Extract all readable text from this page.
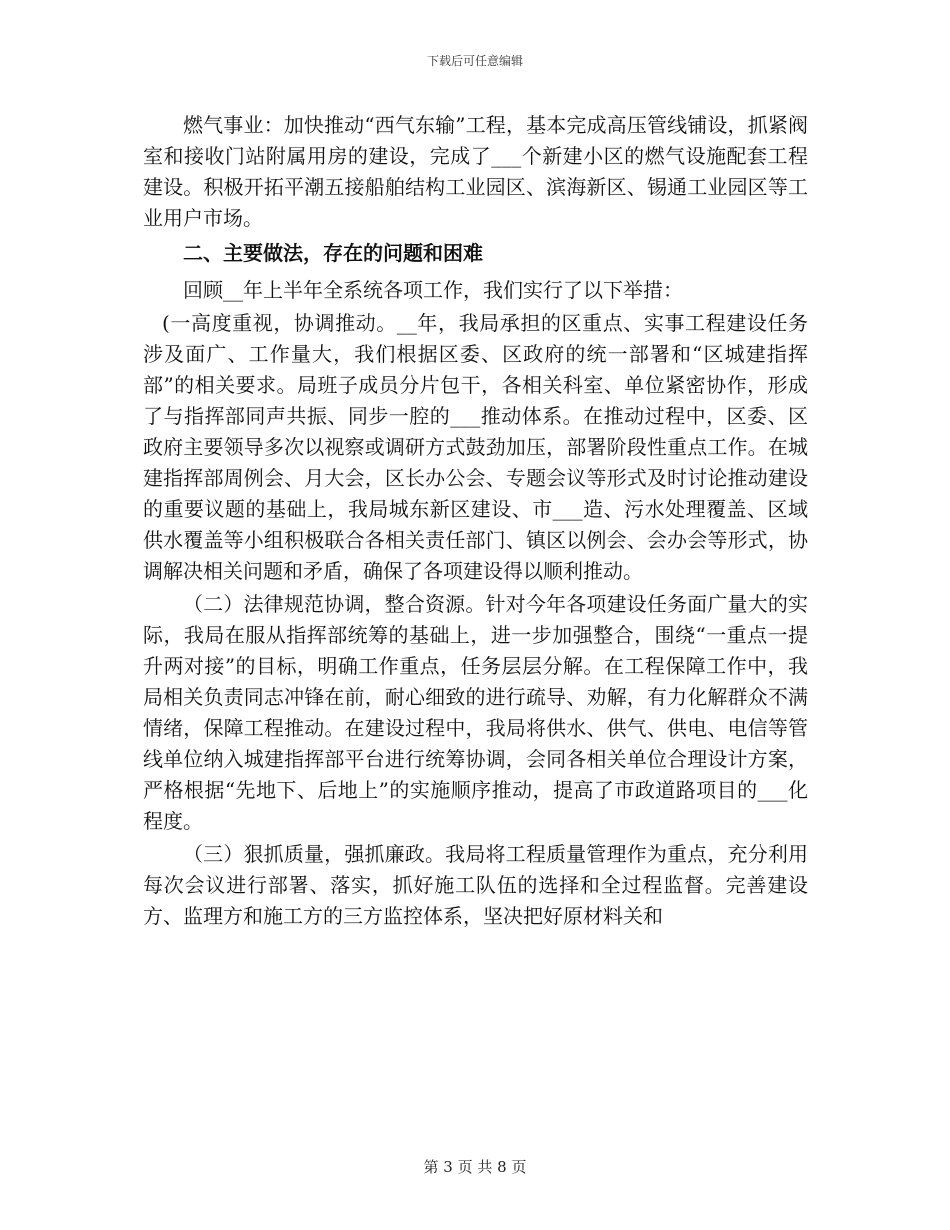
下载后可任意编辑

燃气事业：加快推动“西气东输”工程，基本完成高压管线铺设，抓紧阀室和接收门站附属用房的建设，完成了___个新建小区的燃气设施配套工程建设。积极开拓平潮五接船舶结构工业园区、滨海新区、锡通工业园区等工业用户市场。

二、主要做法，存在的问题和困难

回顾__年上半年全系统各项工作，我们实行了以下举措：

(一高度重视，协调推动。__年，我局承担的区重点、实事工程建设任务涉及面广、工作量大，我们根据区委、区政府的统一部署和“区城建指挥部”的相关要求。局班子成员分片包干，各相关科室、单位紧密协作，形成了与指挥部同声共振、同步一腔的___推动体系。在推动过程中，区委、区政府主要领导多次以视察或调研方式鼓劲加压，部署阶段性重点工作。在城建指挥部周例会、月大会，区长办公会、专题会议等形式及时讨论推动建设的重要议题的基础上，我局城东新区建设、市___造、污水处理覆盖、区域供水覆盖等小组积极联合各相关责任部门、镇区以例会、会办会等形式，协调解决相关问题和矛盾，确保了各项建设得以顺利推动。

（二）法律规范协调，整合资源。针对今年各项建设任务面广量大的实际，我局在服从指挥部统筹的基础上，进一步加强整合，围绕“一重点一提升两对接”的目标，明确工作重点，任务层层分解。在工程保障工作中，我局相关负责同志冲锋在前，耐心细致的进行疏导、劝解，有力化解群众不满情绪，保障工程推动。在建设过程中，我局将供水、供气、供电、电信等管线单位纳入城建指挥部平台进行统筹协调，会同各相关单位合理设计方案，严格根据“先地下、后地上”的实施顺序推动，提高了市政道路项目的___化程度。

（三）狠抓质量，强抓廉政。我局将工程质量管理作为重点，充分利用每次会议进行部署、落实，抓好施工队伍的选择和全过程监督。完善建设方、监理方和施工方的三方监控体系，坚决把好原材料关和

第 3 页 共 8 页
